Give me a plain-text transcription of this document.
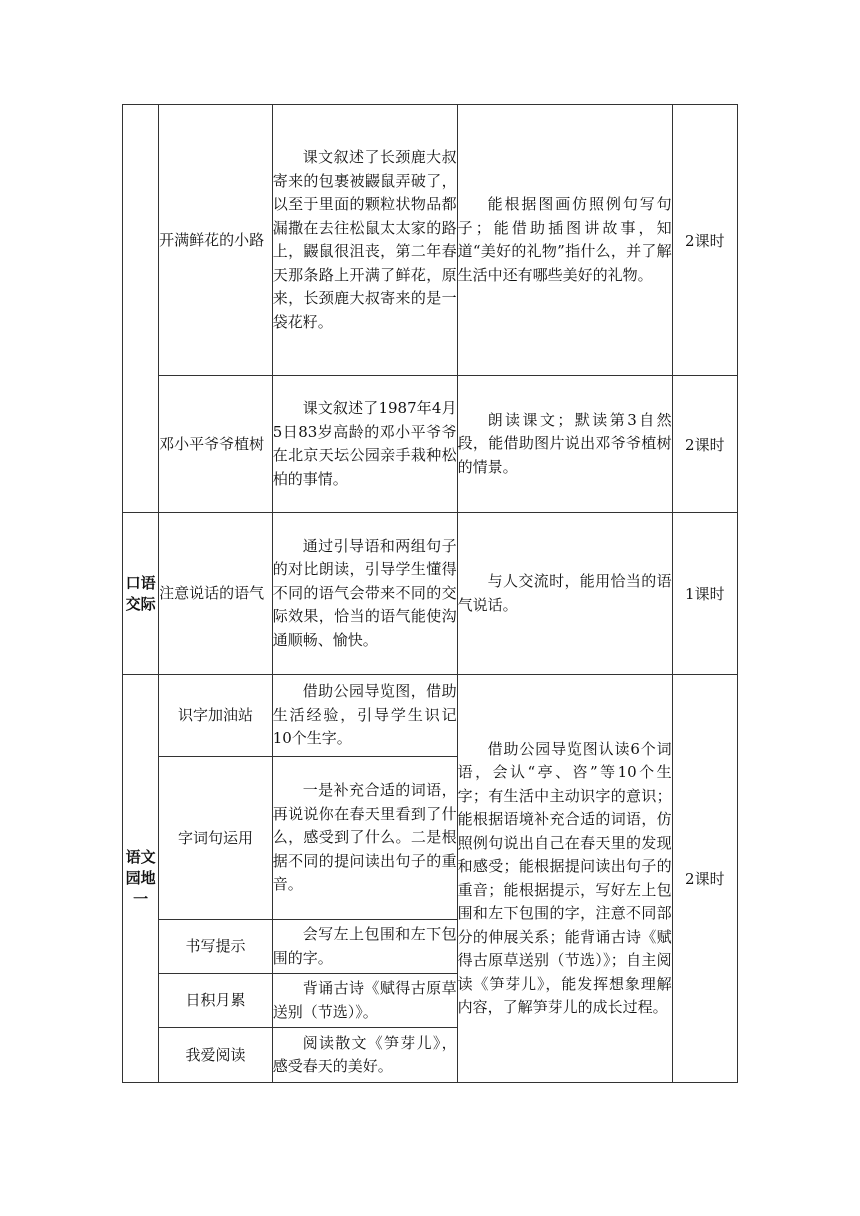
	开满鲜花的小路	课文叙述了长颈鹿大叔寄来的包裹被鼹鼠弄破了，以至于里面的颗粒状物品都漏撒在去往松鼠太太家的路上，鼹鼠很沮丧，第二年春天那条路上开满了鲜花，原来，长颈鹿大叔寄来的是一袋花籽。	能根据图画仿照例句写句子；能借助插图讲故事，知道“美好的礼物”指什么，并了解生活中还有哪些美好的礼物。	2课时
	邓小平爷爷植树	课文叙述了1987年4月5日83岁高龄的邓小平爷爷在北京天坛公园亲手栽种松柏的事情。	朗读课文；默读第3自然段，能借助图片说出邓爷爷植树的情景。	2课时
口语交际	注意说话的语气	通过引导语和两组句子的对比朗读，引导学生懂得不同的语气会带来不同的交际效果，恰当的语气能使沟通顺畅、愉快。	与人交流时，能用恰当的语气说话。	1课时
语文园地一	识字加油站	借助公园导览图，借助生活经验，引导学生识记10个生字。	借助公园导览图认读6个词语，会认“亭、咨”等10个生字；有生活中主动识字的意识；能根据语境补充合适的词语，仿照例句说出自己在春天里的发现和感受；能根据提问读出句子的重音；能根据提示，写好左上包围和左下包围的字，注意不同部分的伸展关系；能背诵古诗《赋得古原草送别（节选）》；自主阅读《笋芽儿》，能发挥想象理解内容，了解笋芽儿的成长过程。	2课时
	字词句运用	一是补充合适的词语，再说说你在春天里看到了什么，感受到了什么。二是根据不同的提问读出句子的重音。		
	书写提示	会写左上包围和左下包围的字。		
	日积月累	背诵古诗《赋得古原草送别（节选）》。		
	我爱阅读	阅读散文《笋芽儿》，感受春天的美好。		
